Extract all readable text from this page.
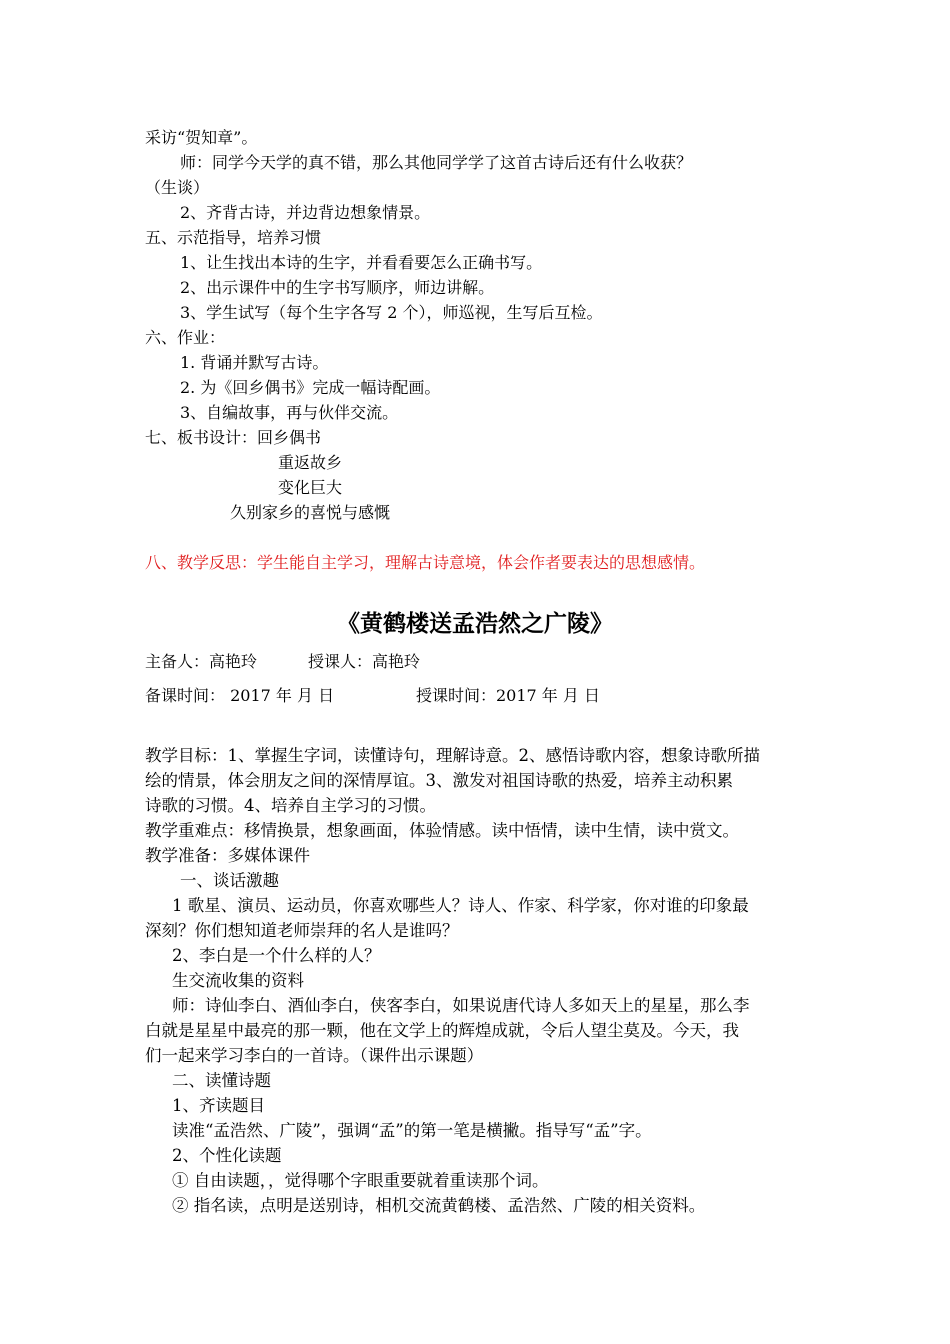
采访“贺知章”。
师：同学今天学的真不错，那么其他同学学了这首古诗后还有什么收获？
（生谈）
2、齐背古诗，并边背边想象情景。
五、示范指导，培养习惯
1、让生找出本诗的生字，并看看要怎么正确书写。
2、出示课件中的生字书写顺序，师边讲解。
3、学生试写（每个生字各写 2 个），师巡视，生写后互检。
六、作业：
1. 背诵并默写古诗。
2. 为《回乡偶书》完成一幅诗配画。
3、自编故事，再与伙伴交流。
七、板书设计：回乡偶书
重返故乡
变化巨大
久别家乡的喜悦与感慨
八、教学反思：学生能自主学习，理解古诗意境，体会作者要表达的思想感情。
《黄鹤楼送孟浩然之广陵》
主备人：高艳玲	授课人：高艳玲
备课时间： 2017 年 月 日	授课时间：2017 年 月 日
教学目标：1、掌握生字词，读懂诗句，理解诗意。2、感悟诗歌内容，想象诗歌所描
绘的情景，体会朋友之间的深情厚谊。3、激发对祖国诗歌的热爱，培养主动积累
诗歌的习惯。4、培养自主学习的习惯。
教学重难点：移情换景，想象画面，体验情感。读中悟情，读中生情，读中赏文。
教学准备：多媒体课件
一、谈话激趣
1 歌星、演员、运动员，你喜欢哪些人？诗人、作家、科学家，你对谁的印象最
深刻？你们想知道老师崇拜的名人是谁吗？
2、李白是一个什么样的人？
生交流收集的资料
师：诗仙李白、酒仙李白，侠客李白，如果说唐代诗人多如天上的星星，那么李
白就是星星中最亮的那一颗，他在文学上的辉煌成就，令后人望尘莫及。今天，我
们一起来学习李白的一首诗。（课件出示课题）
二、读懂诗题
1、齐读题目
读准“孟浩然、广陵”，强调“孟”的第一笔是横撇。指导写“孟”字。
2、个性化读题
① 自由读题，，觉得哪个字眼重要就着重读那个词。
② 指名读，点明是送别诗，相机交流黄鹤楼、孟浩然、广陵的相关资料。
